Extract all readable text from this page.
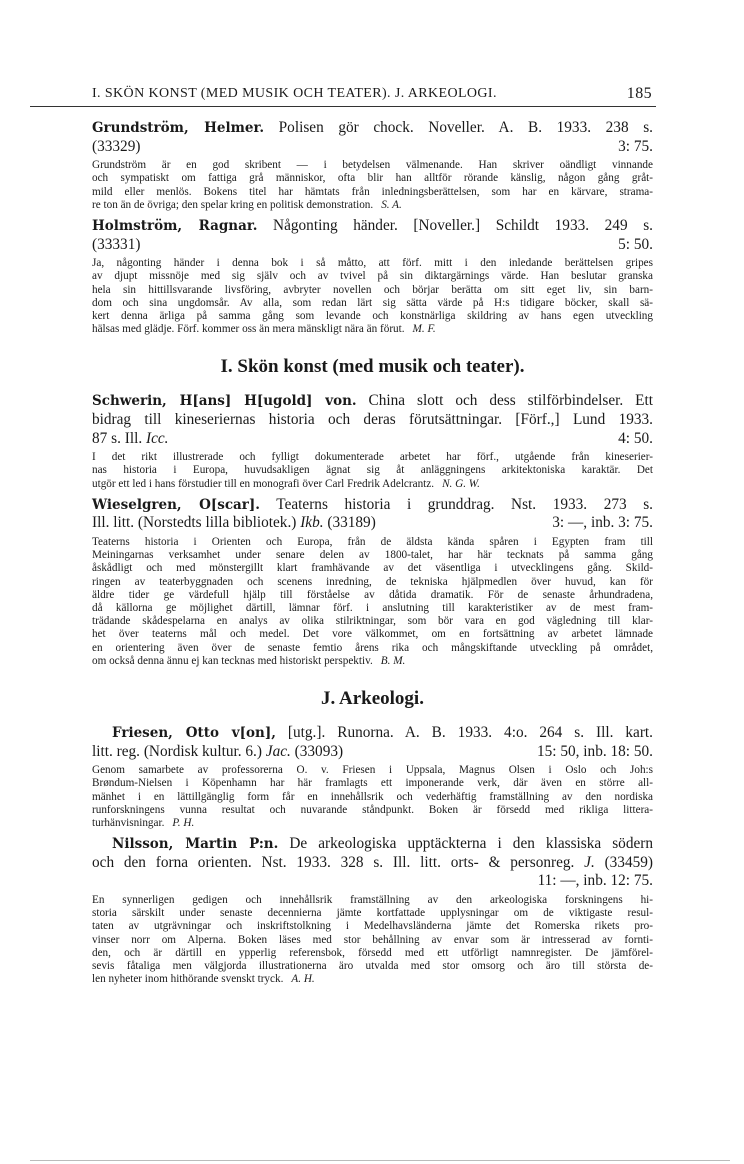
I. SKÖN KONST (MED MUSIK OCH TEATER). J. ARKEOLOGI.	185
Grundström, Helmer. Polisen gör chock. Noveller. A. B. 1933. 238 s.
(33329)	3: 75.
Grundström är en god skribent — i betydelsen välmenande. Han skriver oändligt vinnande
och sympatiskt om fattiga grå människor, ofta blir han alltför rörande känslig, någon gång gråt-
mild eller menlös. Bokens titel har hämtats från inledningsberättelsen, som har en kärvare, strama-
re ton än de övriga; den spelar kring en politisk demonstration. S. A.
Holmström, Ragnar. Någonting händer. [Noveller.] Schildt 1933. 249 s.
(33331)	5: 50.
Ja, någonting händer i denna bok i så måtto, att förf. mitt i den inledande berättelsen gripes
av djupt missnöje med sig själv och av tvivel på sin diktargärnings värde. Han beslutar granska
hela sin hittillsvarande livsföring, avbryter novellen och börjar berätta om sitt eget liv, sin barn-
dom och sina ungdomsår. Av alla, som redan lärt sig sätta värde på H:s tidigare böcker, skall sä-
kert denna ärliga på samma gång som levande och konstnärliga skildring av hans egen utveckling
hälsas med glädje. Förf. kommer oss än mera mänskligt nära än förut. M. F.
I. Skön konst (med musik och teater).
Schwerin, H[ans] H[ugold] von. China slott och dess stilförbindelser. Ett
bidrag till kineseriernas historia och deras förutsättningar. [Förf.,] Lund 1933.
87 s. Ill. Icc.	4: 50.
I det rikt illustrerade och fylligt dokumenterade arbetet har förf., utgående från kineserier-
nas historia i Europa, huvudsakligen ägnat sig åt anläggningens arkitektoniska karaktär. Det
utgör ett led i hans förstudier till en monografi över Carl Fredrik Adelcrantz. N. G. W.
Wieselgren, O[scar]. Teaterns historia i grunddrag. Nst. 1933. 273 s.
Ill. litt. (Norstedts lilla bibliotek.) Ikb. (33189)	3: —, inb. 3: 75.
Teaterns historia i Orienten och Europa, från de äldsta kända spåren i Egypten fram till
Meiningarnas verksamhet under senare delen av 1800-talet, har här tecknats på samma gång
åskådligt och med mönstergillt klart framhävande av det väsentliga i utvecklingens gång. Skild-
ringen av teaterbyggnaden och scenens inredning, de tekniska hjälpmedlen över huvud, kan för
äldre tider ge värdefull hjälp till förståelse av dåtida dramatik. För de senaste århundradena,
då källorna ge möjlighet därtill, lämnar förf. i anslutning till karakteristiker av de mest fram-
trädande skådespelarna en analys av olika stilriktningar, som bör vara en god vägledning till klar-
het över teaterns mål och medel. Det vore välkommet, om en fortsättning av arbetet lämnade
en orientering även över de senaste femtio årens rika och mångskiftande utveckling på området,
om också denna ännu ej kan tecknas med historiskt perspektiv. B. M.
J. Arkeologi.
Friesen, Otto v[on], [utg.]. Runorna. A. B. 1933. 4:o. 264 s. Ill. kart.
litt. reg. (Nordisk kultur. 6.) Jac. (33093)	15: 50, inb. 18: 50.
Genom samarbete av professorerna O. v. Friesen i Uppsala, Magnus Olsen i Oslo och Joh:s
Brøndum-Nielsen i Köpenhamn har här framlagts ett imponerande verk, där även en större all-
mänhet i en lättillgänglig form får en innehållsrik och vederhäftig framställning av den nordiska
runforskningens vunna resultat och nuvarande ståndpunkt. Boken är försedd med rikliga littera-
turhänvisningar. P. H.
Nilsson, Martin P:n. De arkeologiska upptäckterna i den klassiska södern
och den forna orienten. Nst. 1933. 328 s. Ill. litt. orts- & personreg. J. (33459)
11: —, inb. 12: 75.
En synnerligen gedigen och innehållsrik framställning av den arkeologiska forskningens hi-
storia särskilt under senaste decennierna jämte kortfattade upplysningar om de viktigaste resul-
taten av utgrävningar och inskriftstolkning i Medelhavsländerna jämte det Romerska rikets pro-
vinser norr om Alperna. Boken läses med stor behållning av envar som är intresserad av fornti-
den, och är därtill en ypperlig referensbok, försedd med ett utförligt namnregister. De jämförel-
sevis fåtaliga men välgjorda illustrationerna äro utvalda med stor omsorg och äro till största de-
len nyheter inom hithörande svenskt tryck. A. H.
